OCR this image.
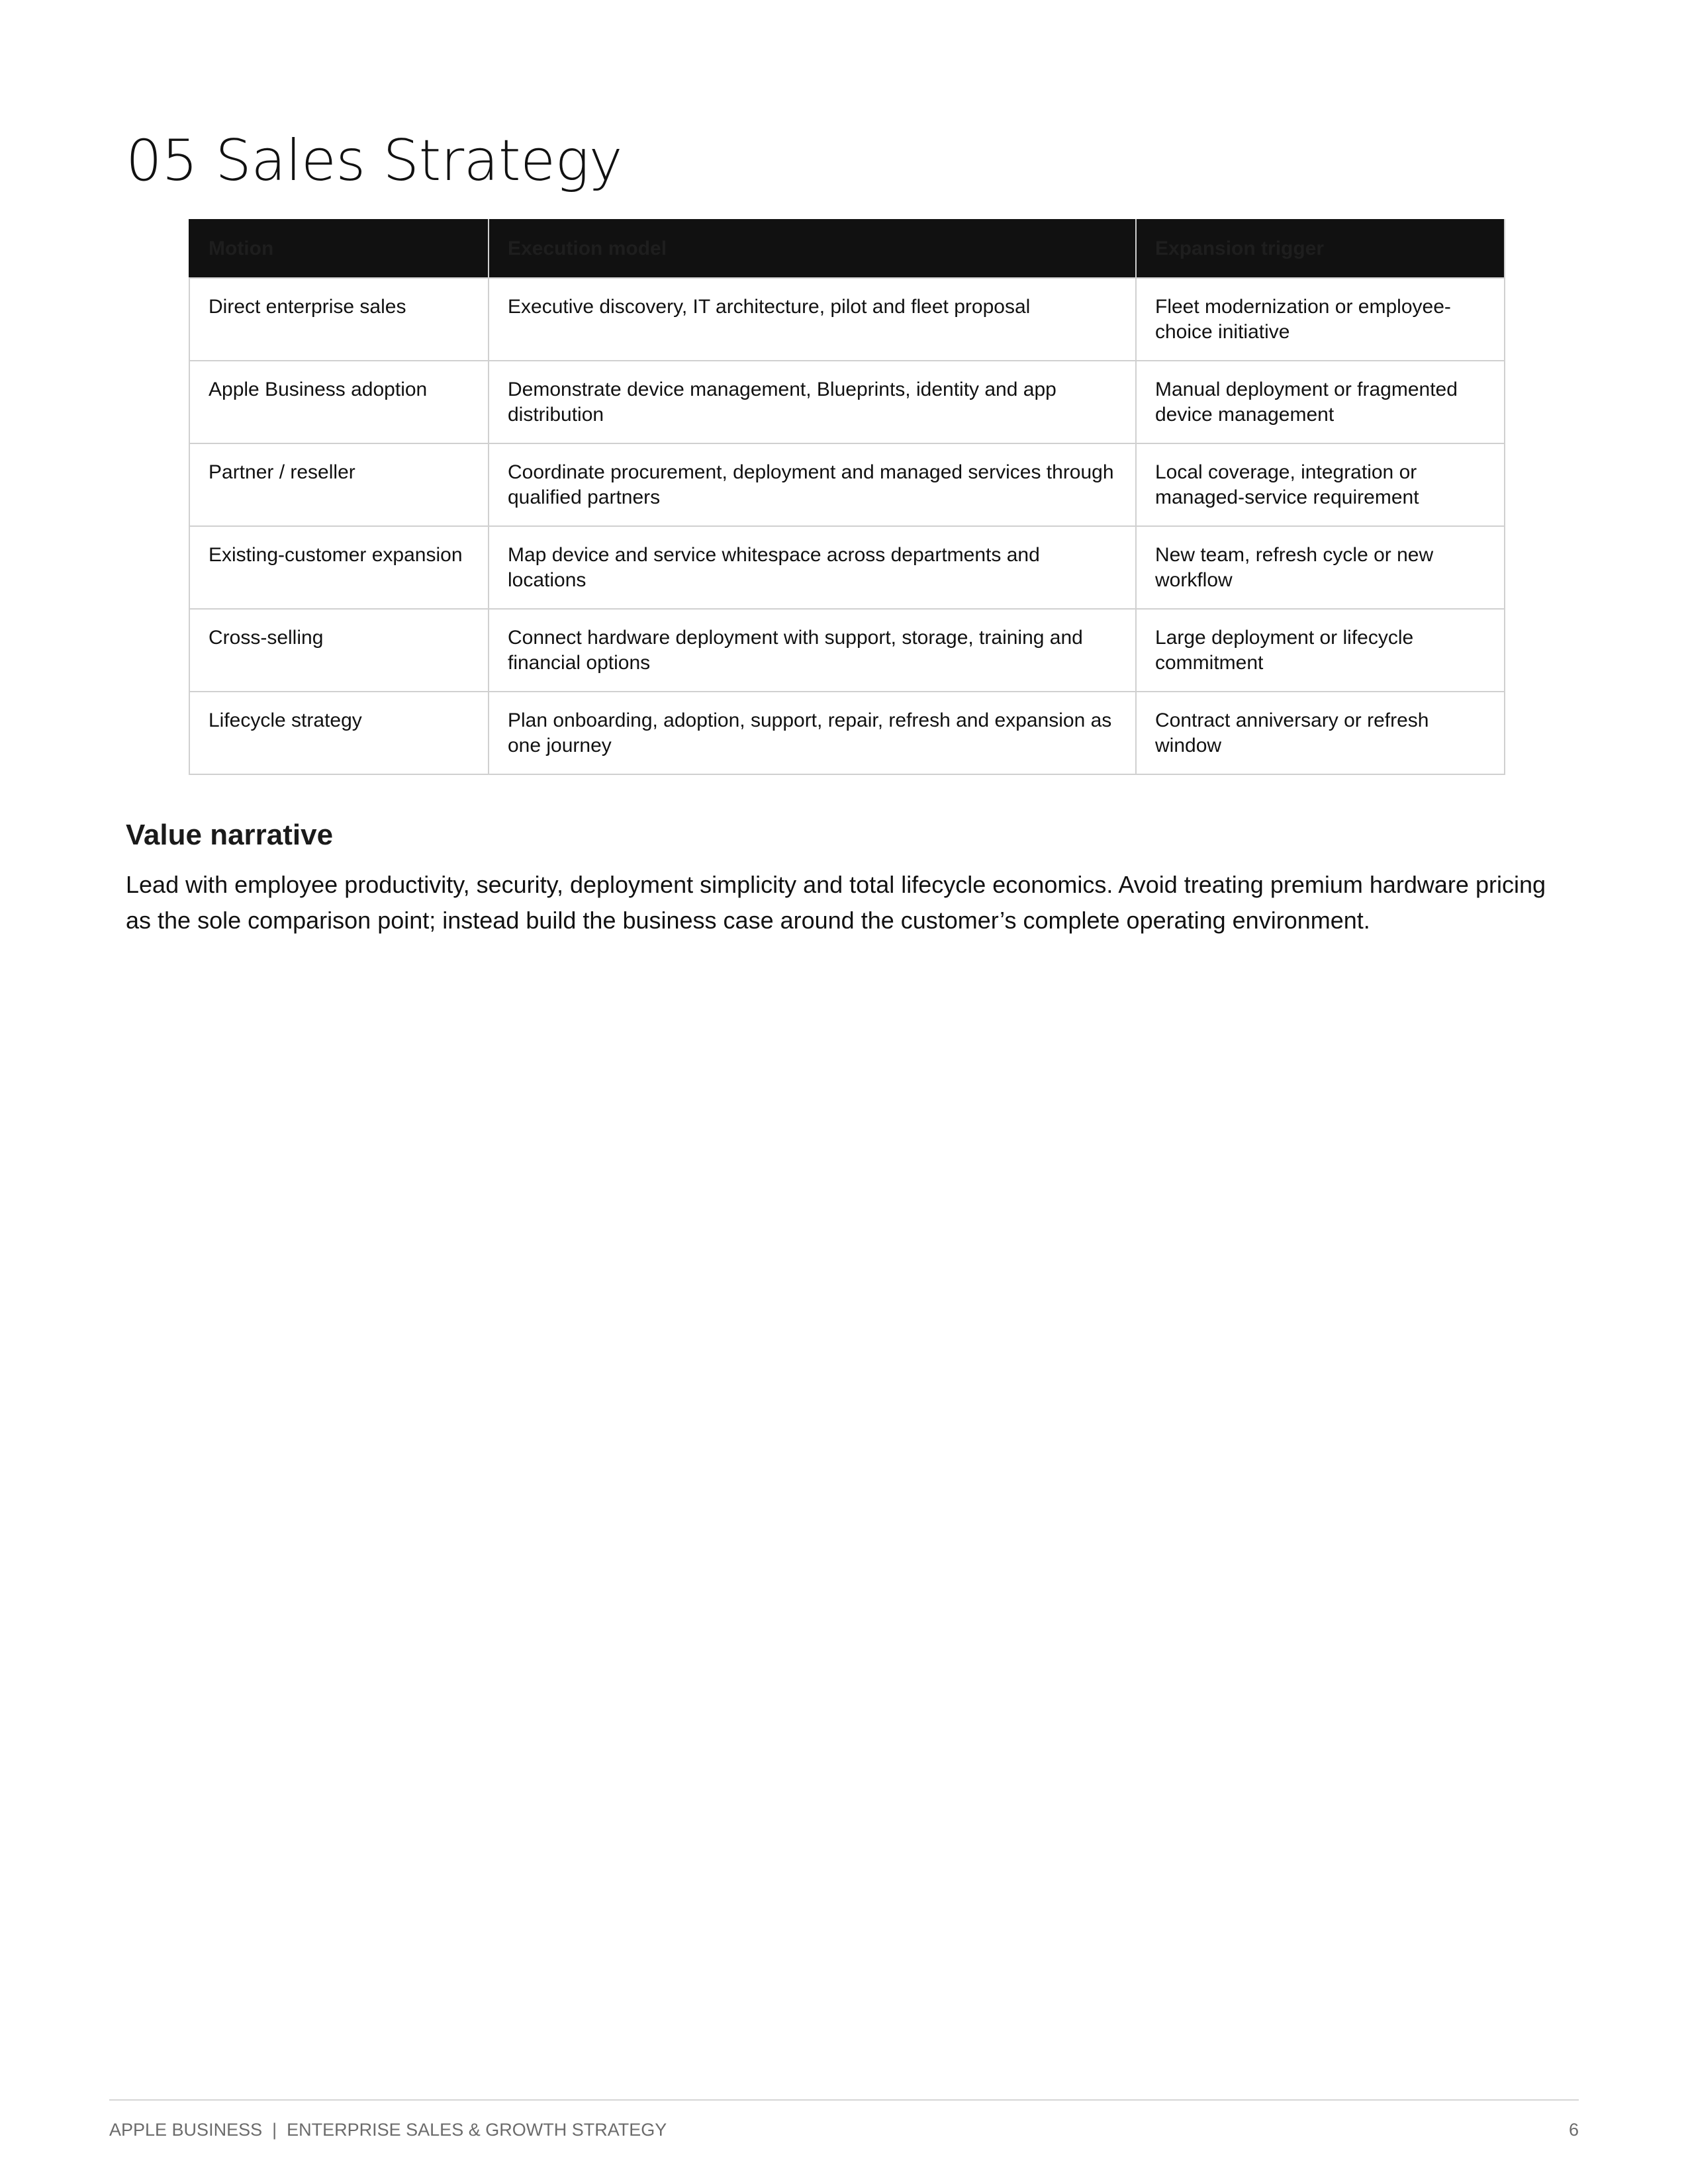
05 Sales Strategy
Motion	Execution model	Expansion trigger
Direct enterprise sales	Executive discovery, IT architecture, pilot and fleet proposal	Fleet modernization or employee-choice initiative
Apple Business adoption	Demonstrate device management, Blueprints, identity and app distribution	Manual deployment or fragmented device management
Partner / reseller	Coordinate procurement, deployment and managed services through qualified partners	Local coverage, integration or managed-service requirement
Existing-customer expansion	Map device and service whitespace across departments and locations	New team, refresh cycle or new workflow
Cross-selling	Connect hardware deployment with support, storage, training and financial options	Large deployment or lifecycle commitment
Lifecycle strategy	Plan onboarding, adoption, support, repair, refresh and expansion as one journey	Contract anniversary or refresh window
Value narrative

Lead with employee productivity, security, deployment simplicity and total lifecycle economics. Avoid treating premium hardware pricing as the sole comparison point; instead build the business case around the customer’s complete operating environment.

APPLE BUSINESS  |  ENTERPRISE SALES & GROWTH STRATEGY	6
